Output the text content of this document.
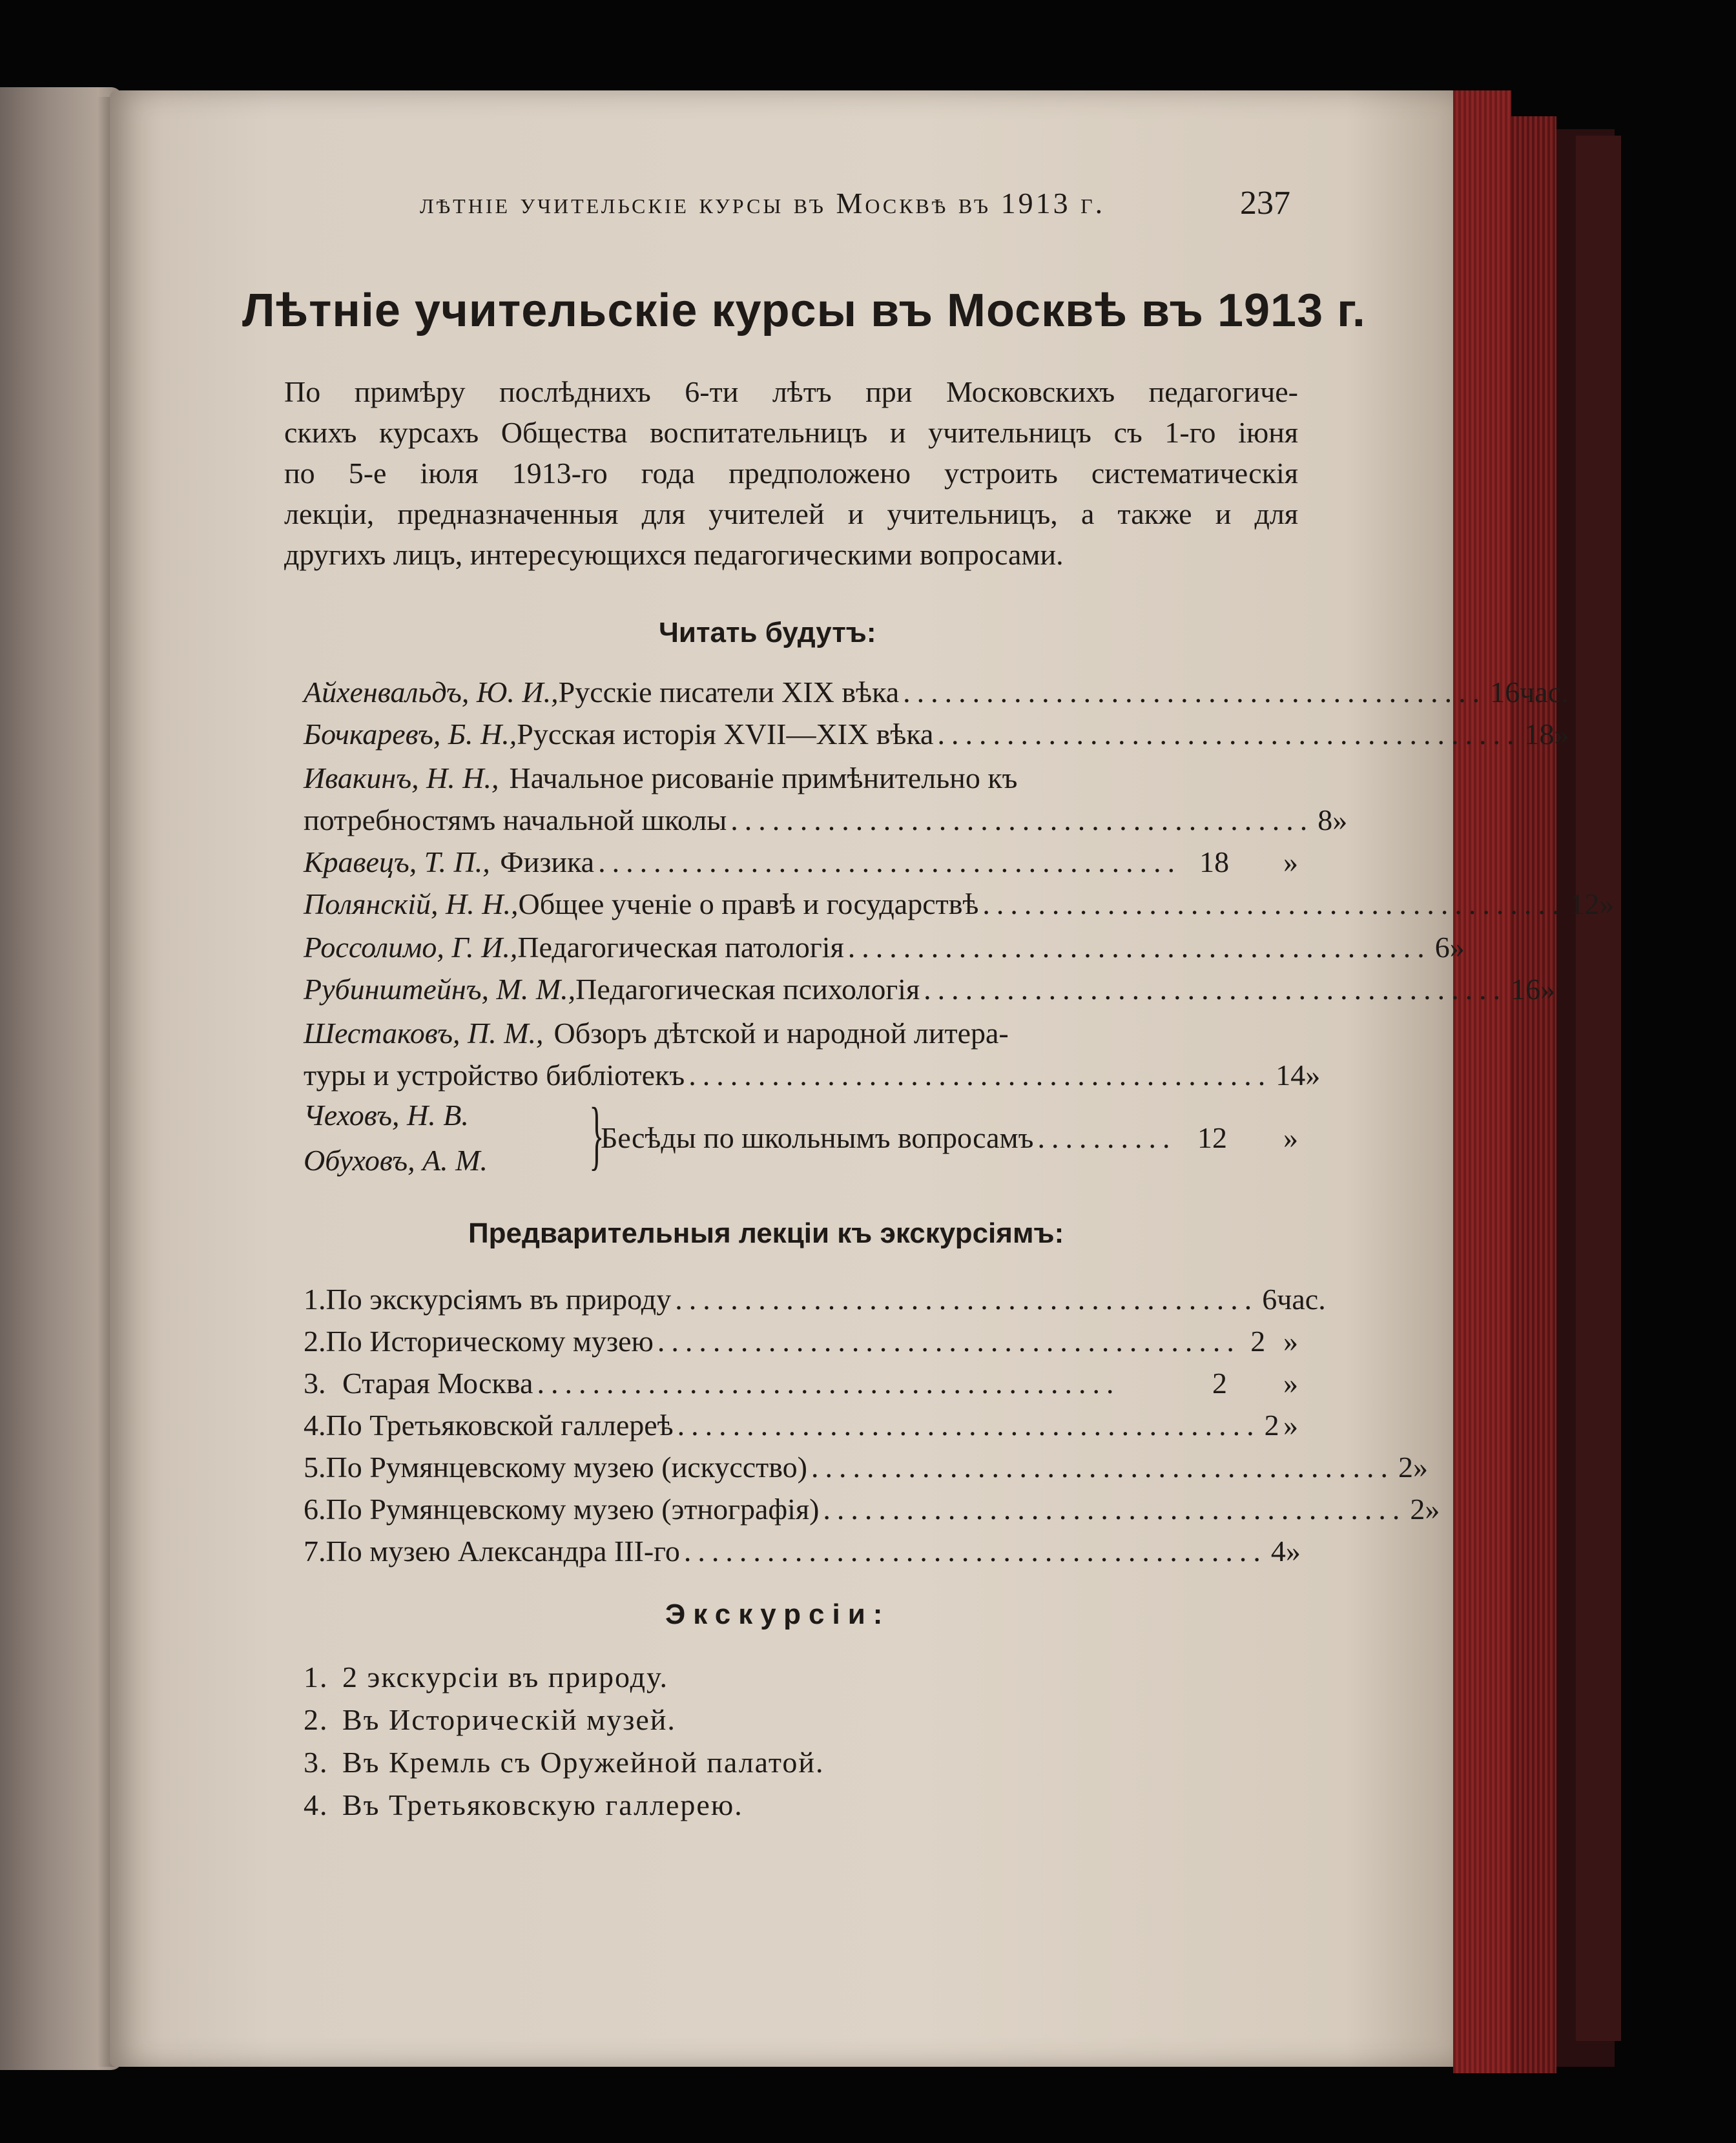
лѣтніе учительскіе курсы въ Москвѣ въ 1913 г.	237
Лѣтніе учительскіе курсы въ Москвѣ въ 1913 г.
По примѣру послѣднихъ 6-ти лѣтъ при Московскихъ педагогиче-
скихъ курсахъ Общества воспитательницъ и учительницъ съ 1-го іюня
по 5-е іюля 1913-го года предположено устроить систематическія
лекціи, предназначенныя для учителей и учительницъ, а также и для
другихъ лицъ, интересующихся педагогическими вопросами.
Читать будутъ:
Айхенвальдъ, Ю. И., Русскіе писатели XIX вѣка .......................................... 16 час.
Бочкаревъ, Б. Н., Русская исторія XVII—XIX вѣка .......................................... 18 »
Ивакинъ, Н. Н., Начальное рисованіе примѣнительно къ
потребностямъ начальной школы .......................................... 8 »
Кравецъ, Т. П., Физика .......................................... 18	»
Полянскій, Н. Н., Общее ученіе о правѣ и государствѣ .......................................... 12 »
Россолимо, Г. И., Педагогическая патологія .......................................... 6 »
Рубинштейнъ, М. М., Педагогическая психологія .......................................... 16 »
Шестаковъ, П. М., Обзоръ дѣтской и народной литера-
туры и устройство библіотекъ .......................................... 14 »
Чеховъ, Н. В.
Обуховъ, А. М.	}
Бесѣды по школьнымъ вопросамъ .......... 12	»
Предварительныя лекціи къ экскурсіямъ:
1. По экскурсіямъ въ природу .......................................... 6 час.
2. По Историческому музею .......................................... 2 »
3. Старая Москва ..........................................	2	»
4. По Третьяковской галлереѣ .......................................... 2 »
5. По Румянцевскому музею (искусство) .......................................... 2 »
6. По Румянцевскому музею (этнографія) .......................................... 2 »
7. По музею Александра III-го .......................................... 4 »
Экскурсіи:
1. 2 экскурсіи въ природу.
2. Въ Историческій музей.
3. Въ Кремль съ Оружейной палатой.
4. Въ Третьяковскую галлерею.
